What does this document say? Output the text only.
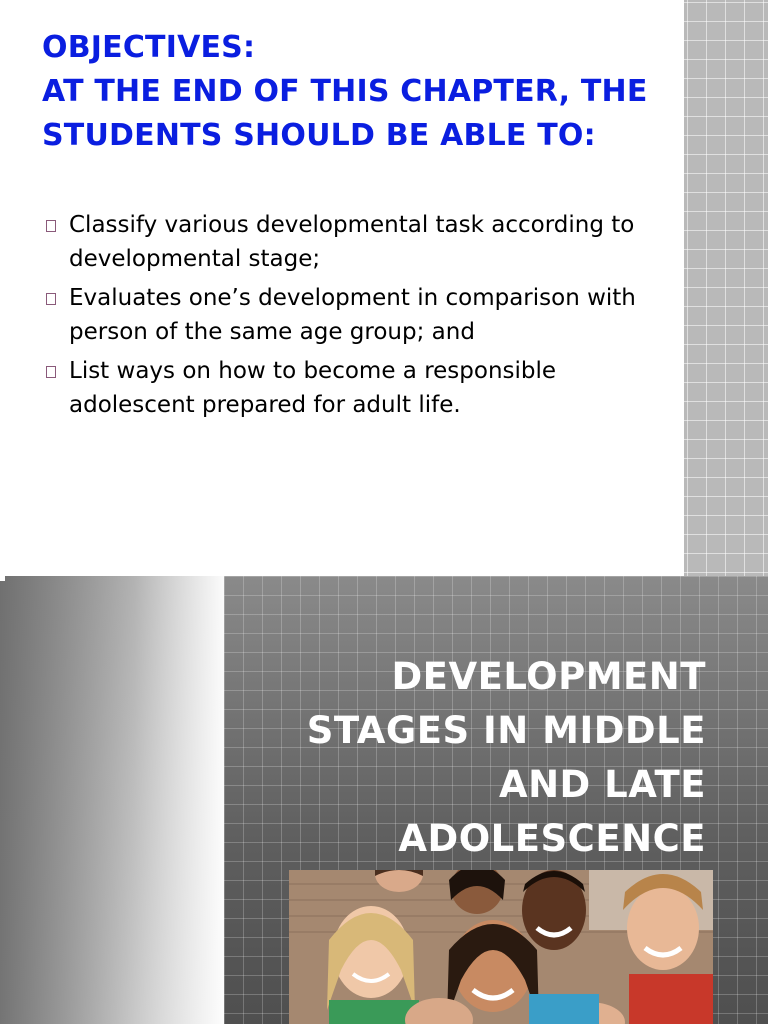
OBJECTIVES:
AT THE END OF THIS CHAPTER, THE
STUDENTS SHOULD BE ABLE TO:
Classify various developmental task according to developmental stage;
Evaluates one’s development in comparison with person of the same age group; and
List ways on how to become a responsible adolescent prepared for adult life.
DEVELOPMENT
STAGES IN MIDDLE
AND LATE
ADOLESCENCE
